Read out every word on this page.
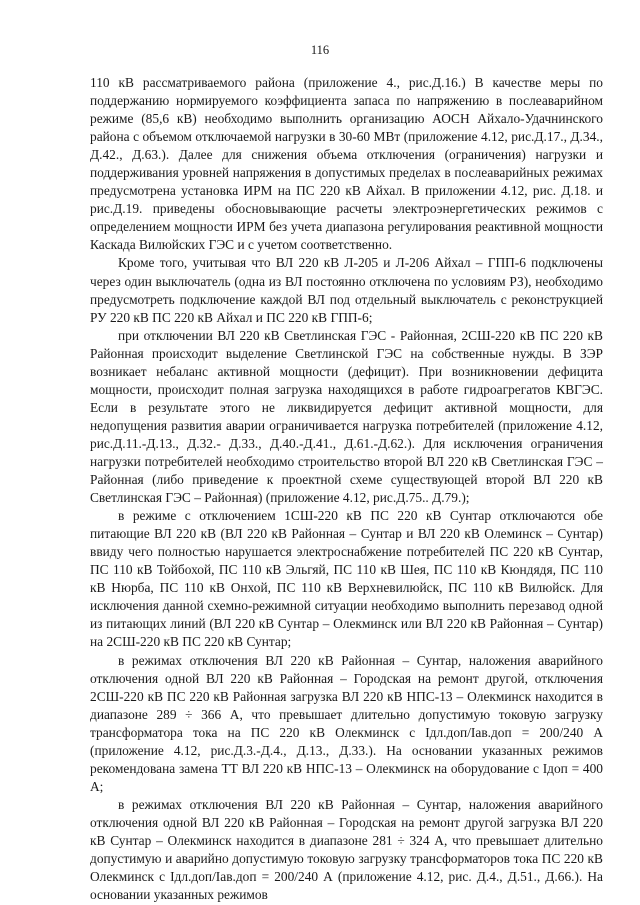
116

110 кВ рассматриваемого района (приложение 4., рис.Д.16.) В качестве меры по поддержанию нормируемого коэффициента запаса по напряжению в послеаварийном режиме (85,6 кВ) необходимо выполнить организацию АОСН Айхало-Удачнинского района с объемом отключаемой нагрузки в 30-60 МВт (приложение 4.12, рис.Д.17., Д.34., Д.42., Д.63.). Далее для снижения объема отключения (ограничения) нагрузки и поддерживания уровней напряжения в допустимых пределах в послеаварийных режимах предусмотрена установка ИРМ на ПС 220 кВ Айхал. В приложении 4.12, рис. Д.18. и рис.Д.19. приведены обосновывающие расчеты электроэнергетических режимов с определением мощности ИРМ без учета диапазона регулирования реактивной мощности Каскада Вилюйских ГЭС и с учетом соответственно.

Кроме того, учитывая что ВЛ 220 кВ Л-205 и Л-206 Айхал – ГПП-6 подключены через один выключатель (одна из ВЛ постоянно отключена по условиям РЗ), необходимо предусмотреть подключение каждой ВЛ под отдельный выключатель с реконструкцией РУ 220 кВ ПС 220 кВ Айхал и ПС 220 кВ ГПП-6;

при отключении ВЛ 220 кВ Светлинская ГЭС - Районная, 2СШ-220 кВ ПС 220 кВ Районная происходит выделение Светлинской ГЭС на собственные нужды. В ЗЭР возникает небаланс активной мощности (дефицит). При возникновении дефицита мощности, происходит полная загрузка находящихся в работе гидроагрегатов КВГЭС. Если в результате этого не ликвидируется дефицит активной мощности, для недопущения развития аварии ограничивается нагрузка потребителей (приложение 4.12, рис.Д.11.-Д.13., Д.32.- Д.33., Д.40.-Д.41., Д.61.-Д.62.). Для исключения ограничения нагрузки потребителей необходимо строительство второй ВЛ 220 кВ Светлинская ГЭС – Районная (либо приведение к проектной схеме существующей второй ВЛ 220 кВ Светлинская ГЭС – Районная) (приложение 4.12, рис.Д.75.. Д.79.);

в режиме с отключением 1СШ-220 кВ ПС 220 кВ Сунтар отключаются обе питающие ВЛ 220 кВ (ВЛ 220 кВ Районная – Сунтар и ВЛ 220 кВ Олеминск – Сунтар) ввиду чего полностью нарушается электроснабжение потребителей ПС 220 кВ Сунтар, ПС 110 кВ Тойбохой, ПС 110 кВ Эльгяй, ПС 110 кВ Шея, ПС 110 кВ Кюндядя, ПС 110 кВ Нюрба, ПС 110 кВ Онхой, ПС 110 кВ Верхневилюйск, ПС 110 кВ Вилюйск. Для исключения данной схемно-режимной ситуации необходимо выполнить перезавод одной из питающих линий (ВЛ 220 кВ Сунтар – Олекминск или ВЛ 220 кВ Районная – Сунтар) на 2СШ-220 кВ ПС 220 кВ Сунтар;

в режимах отключения ВЛ 220 кВ Районная – Сунтар, наложения аварийного отключения одной ВЛ 220 кВ Районная – Городская на ремонт другой, отключения 2СШ-220 кВ ПС 220 кВ Районная загрузка ВЛ 220 кВ НПС-13 – Олекминск находится в диапазоне 289 ÷ 366 А, что превышает длительно допустимую токовую загрузку трансформатора тока на ПС 220 кВ Олекминск с Iдл.доп/Iав.доп = 200/240 А (приложение 4.12, рис.Д.3.-Д.4., Д.13., Д.33.). На основании указанных режимов рекомендована замена ТТ ВЛ 220 кВ НПС-13 – Олекминск на оборудование с Iдоп = 400 А;

в режимах отключения ВЛ 220 кВ Районная – Сунтар, наложения аварийного отключения одной ВЛ 220 кВ Районная – Городская на ремонт другой загрузка ВЛ 220 кВ Сунтар – Олекминск находится в диапазоне 281 ÷ 324 А, что превышает длительно допустимую и аварийно допустимую токовую загрузку трансформаторов тока ПС 220 кВ Олекминск с Iдл.доп/Iав.доп = 200/240 А (приложение 4.12, рис. Д.4., Д.51., Д.66.). На основании указанных режимов
